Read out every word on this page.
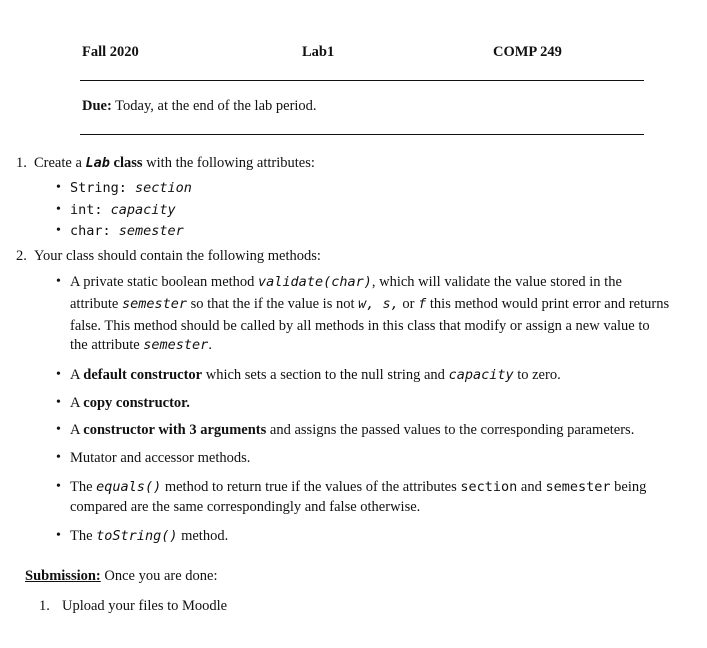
Fall 2020	Lab1	COMP 249
Due: Today, at the end of the lab period.
1. Create a Lab class with the following attributes:
• String: section
• int: capacity
• char: semester
2. Your class should contain the following methods:
• A private static boolean method validate(char), which will validate the value stored in the
attribute semester so that the if the value is not w, s, or f this method would print error and returns
false. This method should be called by all methods in this class that modify or assign a new value to
the attribute semester.
• A default constructor which sets a section to the null string and capacity to zero.
• A copy constructor.
• A constructor with 3 arguments and assigns the passed values to the corresponding parameters.
• Mutator and accessor methods.
• The equals() method to return true if the values of the attributes section and semester being
compared are the same correspondingly and false otherwise.
• The toString() method.
Submission: Once you are done:
1. Upload your files to Moodle
